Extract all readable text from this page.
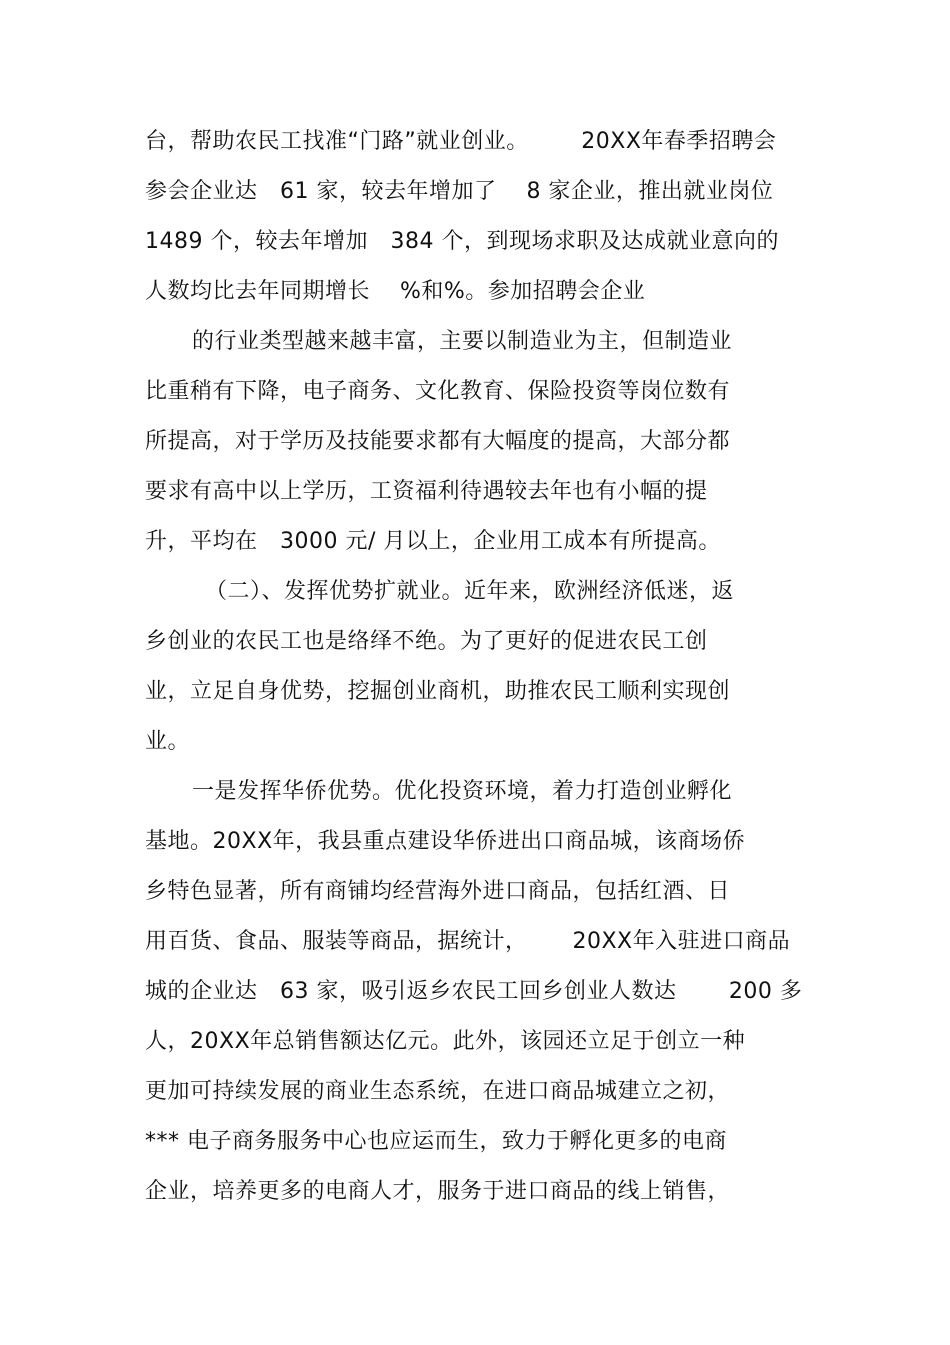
台，帮助农民工找准“门路”就业创业。       20XX年春季招聘会
参会企业达   61 家，较去年增加了    8 家企业，推出就业岗位
1489 个，较去年增加   384 个，到现场求职及达成就业意向的
人数均比去年同期增长    %和%。参加招聘会企业
的行业类型越来越丰富，主要以制造业为主，但制造业
比重稍有下降，电子商务、文化教育、保险投资等岗位数有
所提高，对于学历及技能要求都有大幅度的提高，大部分都
要求有高中以上学历，工资福利待遇较去年也有小幅的提
升，平均在   3000 元/ 月以上，企业用工成本有所提高。
（二）、发挥优势扩就业。近年来，欧洲经济低迷，返
乡创业的农民工也是络绎不绝。为了更好的促进农民工创
业，立足自身优势，挖掘创业商机，助推农民工顺利实现创
业。
一是发挥华侨优势。优化投资环境，着力打造创业孵化
基地。20XX年，我县重点建设华侨进出口商品城，该商场侨
乡特色显著，所有商铺均经营海外进口商品，包括红酒、日
用百货、食品、服装等商品，据统计，      20XX年入驻进口商品
城的企业达   63 家，吸引返乡农民工回乡创业人数达       200 多
人，20XX年总销售额达亿元。此外，该园还立足于创立一种
更加可持续发展的商业生态系统，在进口商品城建立之初，
*** 电子商务服务中心也应运而生，致力于孵化更多的电商
企业，培养更多的电商人才，服务于进口商品的线上销售，
